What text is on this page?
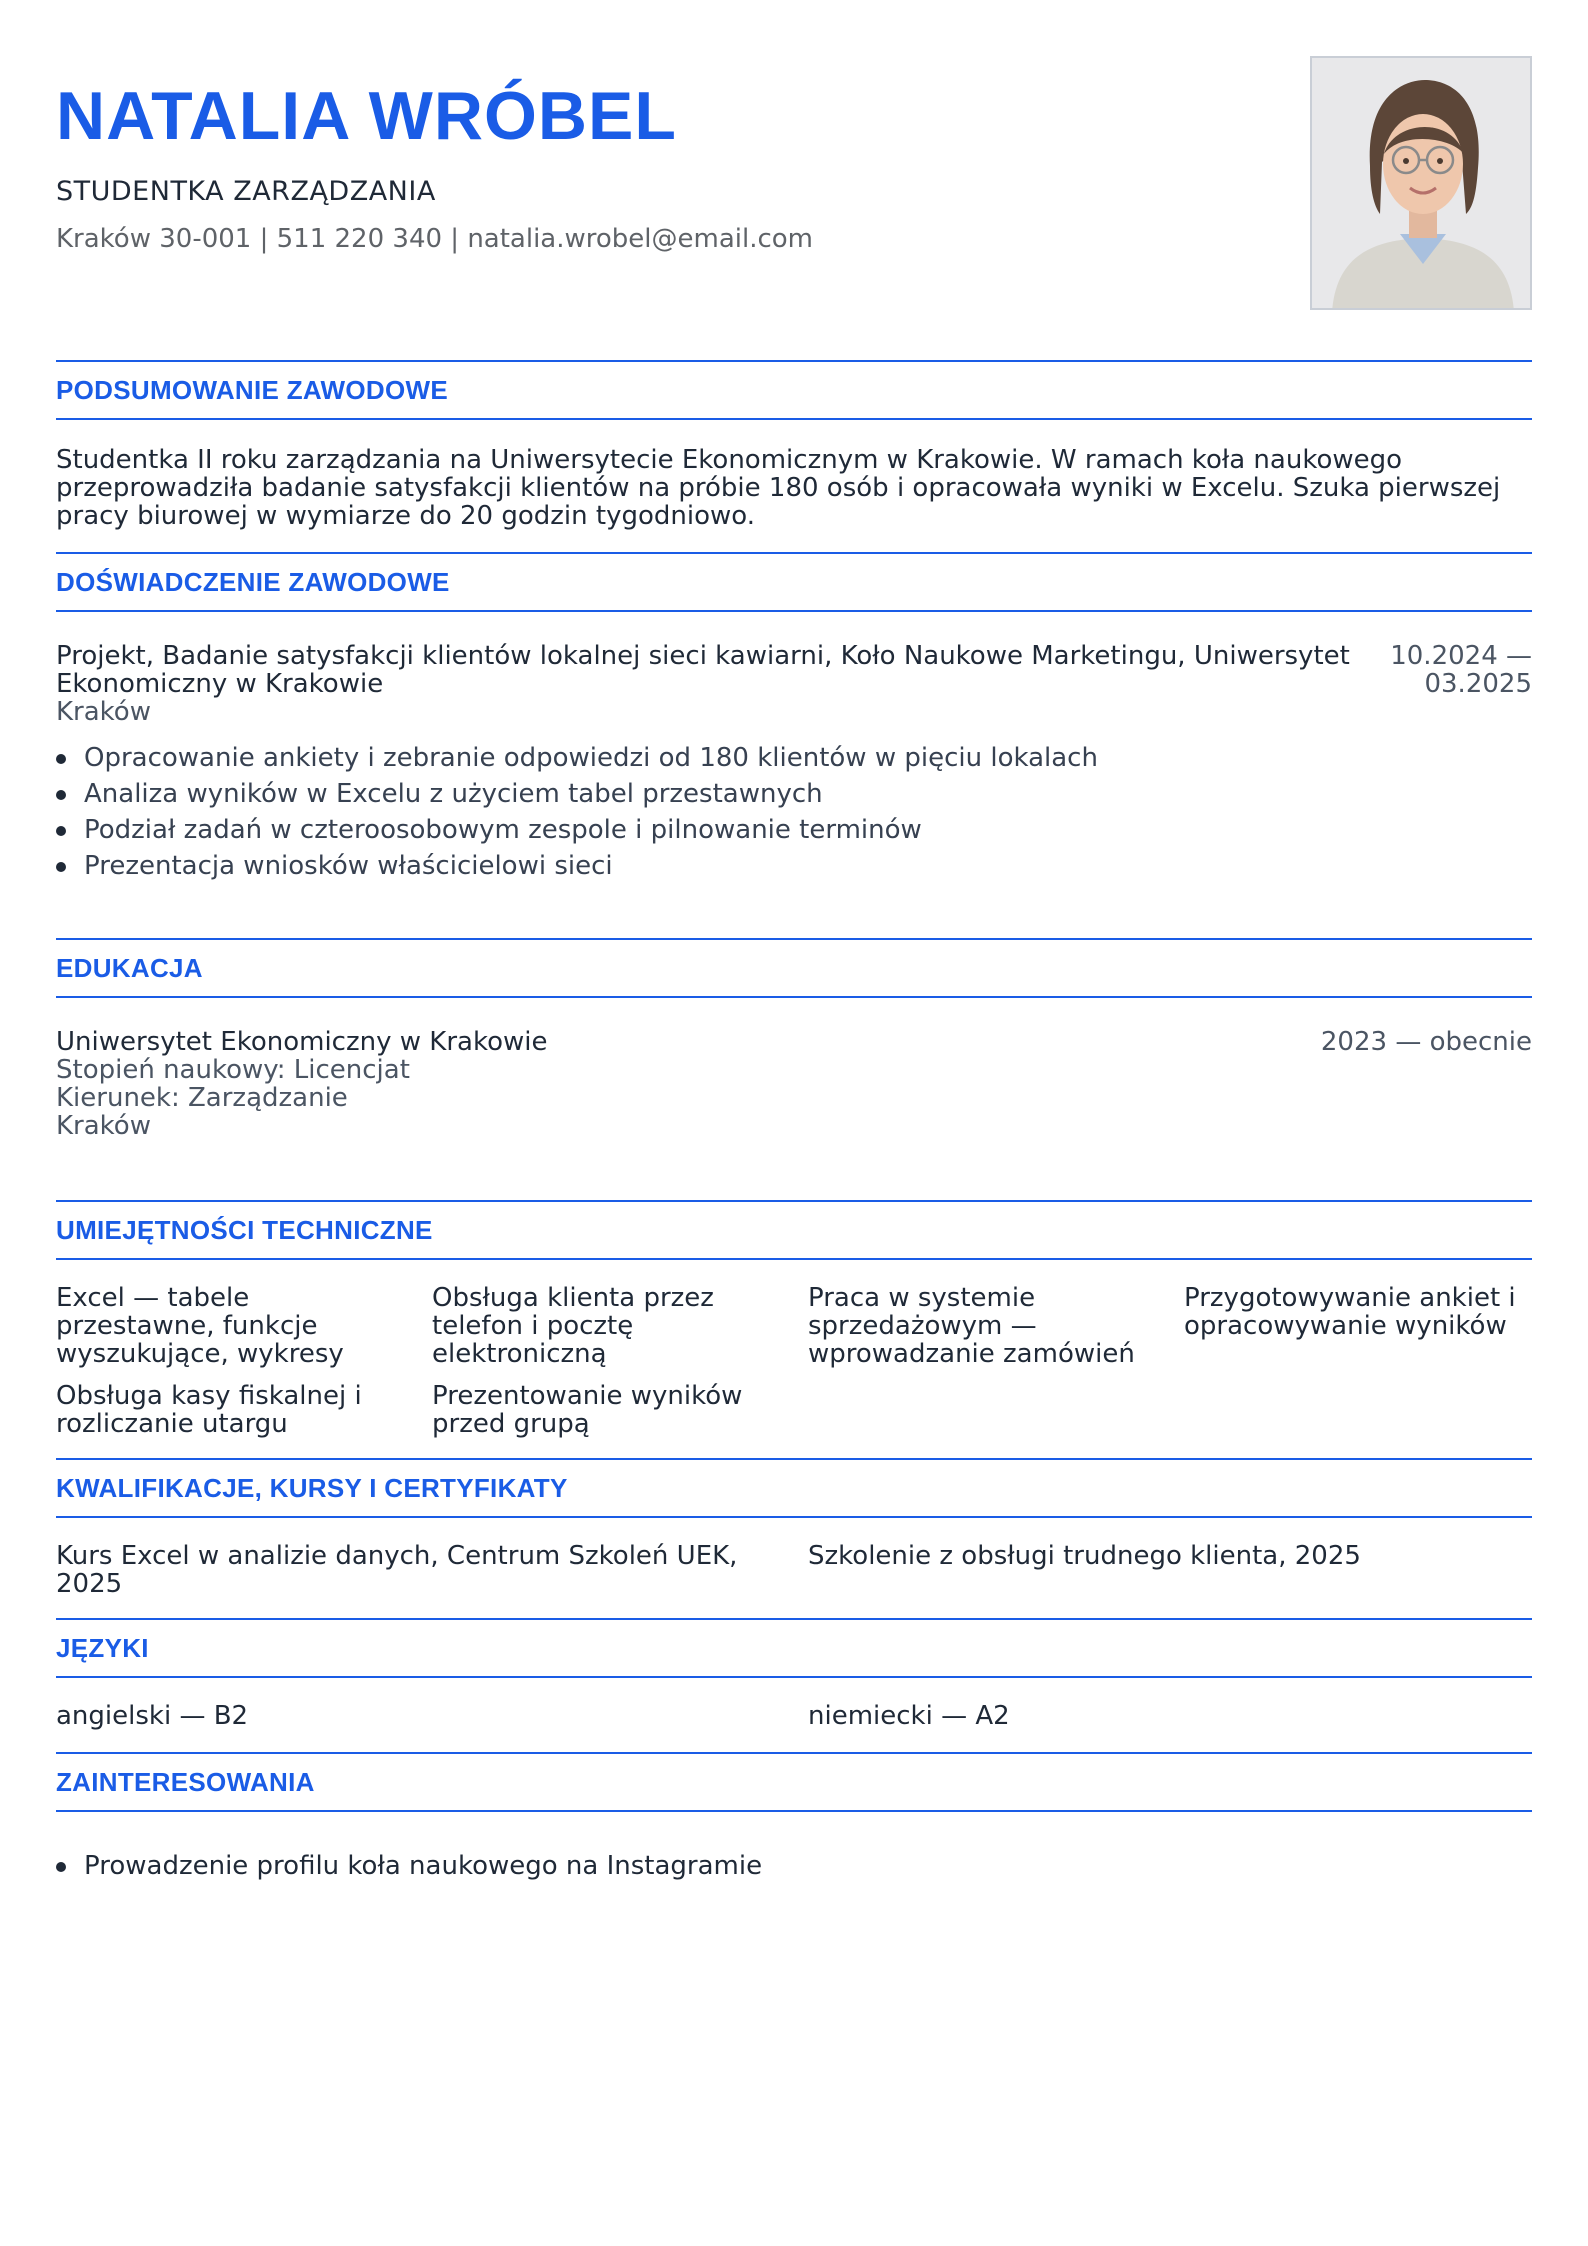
NATALIA WRÓBEL
STUDENTKA ZARZĄDZANIA
Kraków 30-001 | 511 220 340 | natalia.wrobel@email.com
PODSUMOWANIE ZAWODOWE
Studentka II roku zarządzania na Uniwersytecie Ekonomicznym w Krakowie. W ramach koła naukowego przeprowadziła badanie satysfakcji klientów na próbie 180 osób i opracowała wyniki w Excelu. Szuka pierwszej pracy biurowej w wymiarze do 20 godzin tygodniowo.
DOŚWIADCZENIE ZAWODOWE
Projekt, Badanie satysfakcji klientów lokalnej sieci kawiarni, Koło Naukowe Marketingu, Uniwersytet Ekonomiczny w Krakowie
Kraków
10.2024 —
03.2025
Opracowanie ankiety i zebranie odpowiedzi od 180 klientów w pięciu lokalach
Analiza wyników w Excelu z użyciem tabel przestawnych
Podział zadań w czteroosobowym zespole i pilnowanie terminów
Prezentacja wniosków właścicielowi sieci
EDUKACJA
Uniwersytet Ekonomiczny w Krakowie
Stopień naukowy: Licencjat
Kierunek: Zarządzanie
Kraków
2023 — obecnie
UMIEJĘTNOŚCI TECHNICZNE
Excel — tabele przestawne, funkcje wyszukujące, wykresy
Obsługa klienta przez telefon i pocztę elektroniczną
Praca w systemie sprzedażowym — wprowadzanie zamówień
Przygotowywanie ankiet i opracowywanie wyników
Obsługa kasy fiskalnej i rozliczanie utargu
Prezentowanie wyników przed grupą
KWALIFIKACJE, KURSY I CERTYFIKATY
Kurs Excel w analizie danych, Centrum Szkoleń UEK, 2025
Szkolenie z obsługi trudnego klienta, 2025
JĘZYKI
angielski — B2	niemiecki — A2
ZAINTERESOWANIA
Prowadzenie profilu koła naukowego na Instagramie
